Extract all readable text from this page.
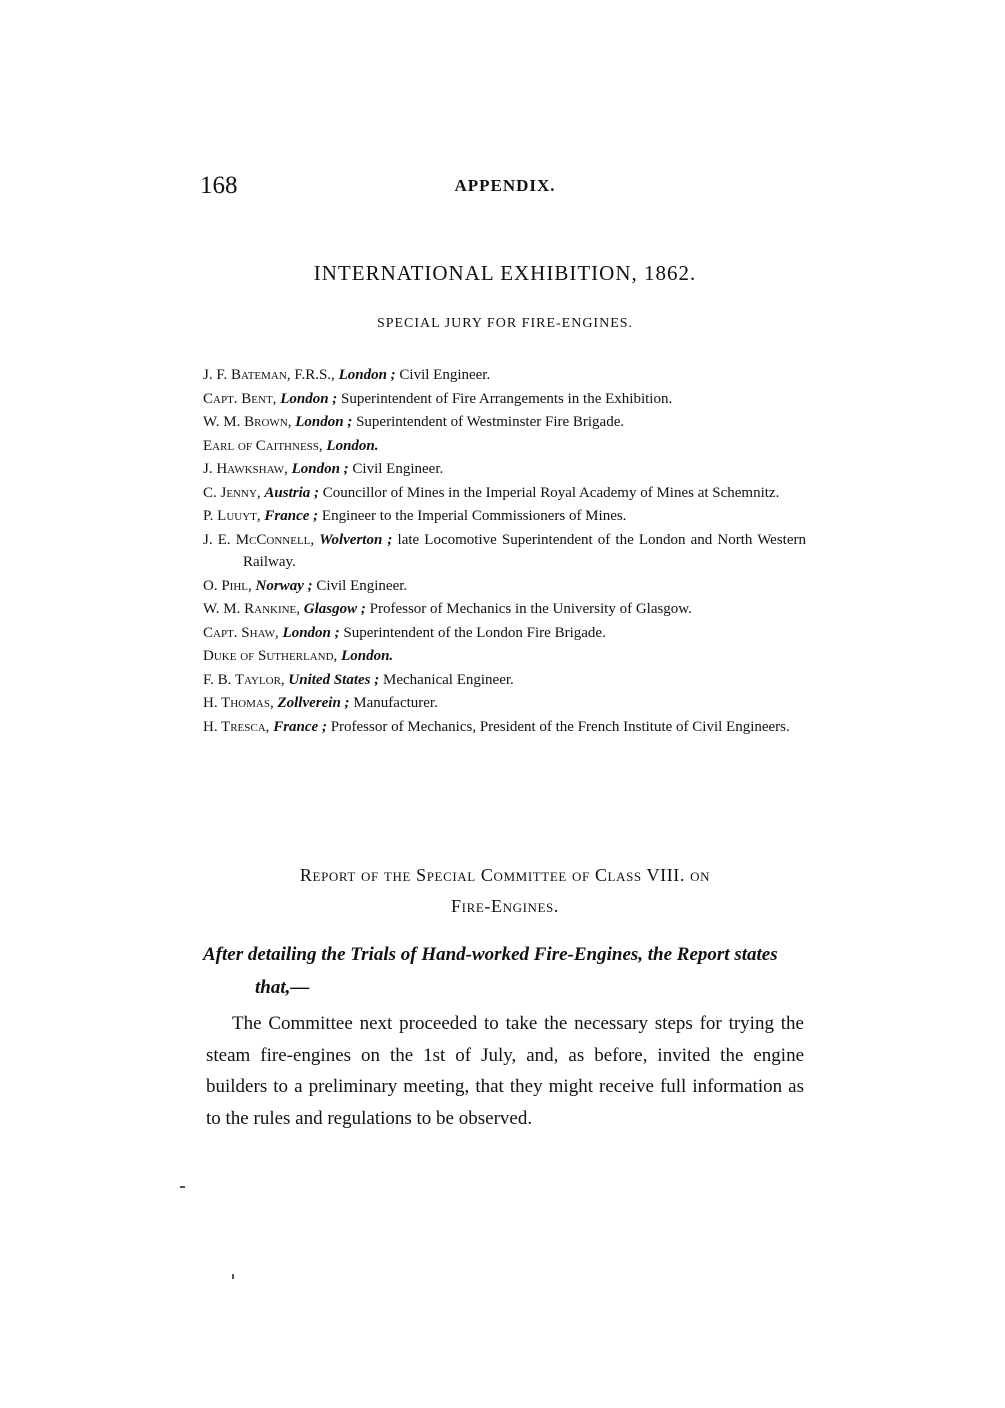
168	APPENDIX.
INTERNATIONAL EXHIBITION, 1862.
SPECIAL JURY FOR FIRE-ENGINES.
J. F. Bateman, F.R.S., London ; Civil Engineer.
Capt. Bent, London ; Superintendent of Fire Arrangements in the Exhibition.
W. M. Brown, London ; Superintendent of Westminster Fire Brigade.
Earl of Caithness, London.
J. Hawkshaw, London ; Civil Engineer.
C. Jenny, Austria ; Councillor of Mines in the Imperial Royal Academy of Mines at Schemnitz.
P. Luuyt, France ; Engineer to the Imperial Commissioners of Mines.
J. E. McConnell, Wolverton ; late Locomotive Superintendent of the London and North Western Railway.
O. Pihl, Norway ; Civil Engineer.
W. M. Rankine, Glasgow ; Professor of Mechanics in the University of Glasgow.
Capt. Shaw, London ; Superintendent of the London Fire Brigade.
Duke of Sutherland, London.
F. B. Taylor, United States ; Mechanical Engineer.
H. Thomas, Zollverein ; Manufacturer.
H. Tresca, France ; Professor of Mechanics, President of the French Institute of Civil Engineers.
Report of the Special Committee of Class VIII. on
Fire-Engines.
After detailing the Trials of Hand-worked Fire-Engines, the Report states that,—

The Committee next proceeded to take the necessary steps for trying the steam fire-engines on the 1st of July, and, as before, invited the engine builders to a preliminary meeting, that they might receive full information as to the rules and regulations to be observed.
